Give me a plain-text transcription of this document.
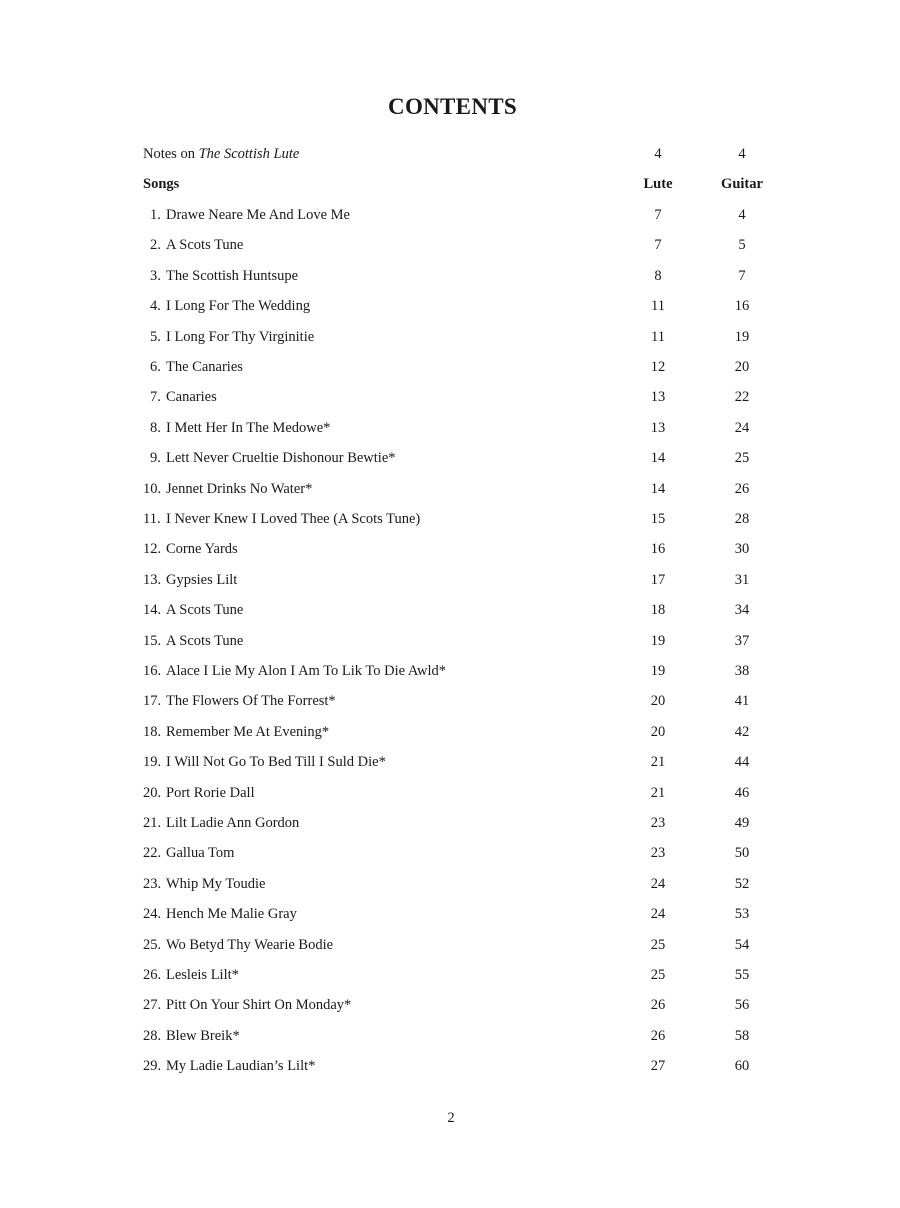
CONTENTS
Notes on The Scottish Lute	4	4
Songs	Lute	Guitar
1. Drawe Neare Me And Love Me	7	4
2. A Scots Tune	7	5
3. The Scottish Huntsupe	8	7
4. I Long For The Wedding	11	16
5. I Long For Thy Virginitie	11	19
6. The Canaries	12	20
7. Canaries	13	22
8. I Mett Her In The Medowe*	13	24
9. Lett Never Crueltie Dishonour Bewtie*	14	25
10. Jennet Drinks No Water*	14	26
11. I Never Knew I Loved Thee (A Scots Tune)	15	28
12. Corne Yards	16	30
13. Gypsies Lilt	17	31
14. A Scots Tune	18	34
15. A Scots Tune	19	37
16. Alace I Lie My Alon I Am To Lik To Die Awld*	19	38
17. The Flowers Of The Forrest*	20	41
18. Remember Me At Evening*	20	42
19. I Will Not Go To Bed Till I Suld Die*	21	44
20. Port Rorie Dall	21	46
21. Lilt Ladie Ann Gordon	23	49
22. Gallua Tom	23	50
23. Whip My Toudie	24	52
24. Hench Me Malie Gray	24	53
25. Wo Betyd Thy Wearie Bodie	25	54
26. Lesleis Lilt*	25	55
27. Pitt On Your Shirt On Monday*	26	56
28. Blew Breik*	26	58
29. My Ladie Laudian’s Lilt*	27	60
2
